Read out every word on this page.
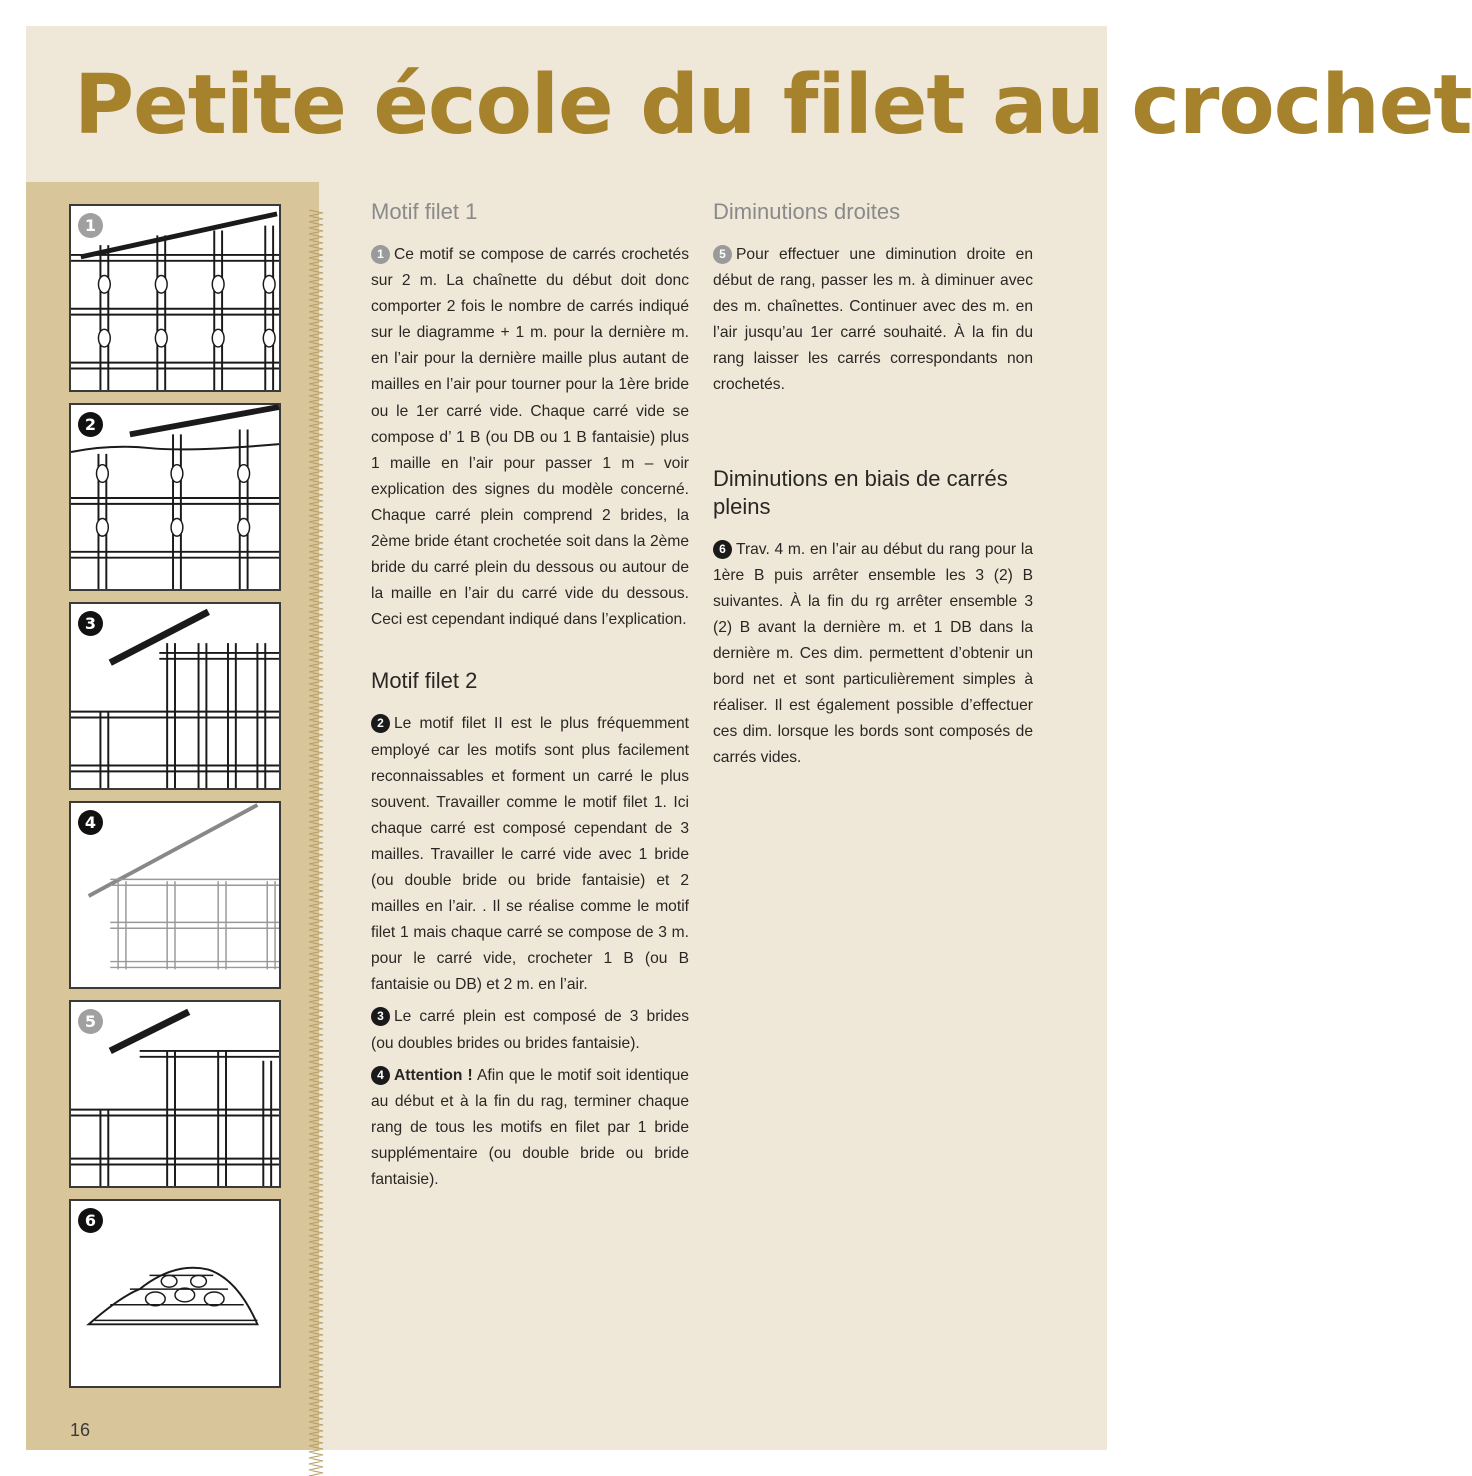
Petite école du filet au crochet
1
2
3
4
5
6
16
Motif filet 1

1 Ce motif se compose de carrés crochetés sur 2 m. La chaînette du début doit donc comporter 2 fois le nombre de carrés indiqué sur le diagramme + 1 m. pour la dernière m. en l’air pour la dernière maille plus autant de mailles en l’air pour tourner pour la 1ère bride ou le 1er carré vide. Chaque carré vide se compose d’ 1 B (ou DB ou 1 B fantaisie) plus 1 maille en l’air pour passer 1 m – voir explication des signes du modèle concerné. Chaque carré plein comprend 2 brides, la 2ème bride étant crochetée soit dans la 2ème bride du carré plein du dessous ou autour de la maille en l’air du carré vide du dessous. Ceci est cependant indiqué dans l’explication.

Motif filet 2

2 Le motif filet II est le plus fréquemment employé car les motifs sont plus facilement reconnaissables et forment un carré le plus souvent. Travailler comme le motif filet 1. Ici chaque carré est composé cependant de 3 mailles. Travailler le carré vide avec 1 bride (ou double bride ou bride fantaisie) et 2 mailles en l’air. . Il se réalise comme le motif filet 1 mais chaque carré se compose de 3 m. pour le carré vide, crocheter 1 B (ou B fantaisie ou DB) et 2 m. en l’air.

3 Le carré plein est composé de 3 brides (ou doubles brides ou brides fantaisie).

4 Attention ! Afin que le motif soit identique au début et à la fin du rag, terminer chaque rang de tous les motifs en filet par 1 bride supplémentaire (ou double bride ou bride fantaisie).

Diminutions droites

5 Pour effectuer une diminution droite en début de rang, passer les m. à diminuer avec des m. chaînettes. Continuer avec des m. en l’air jusqu’au 1er carré souhaité. À la fin du rang laisser les carrés correspondants non crochetés.

Diminutions en biais de carrés pleins

6 Trav. 4 m. en l’air au début du rang pour la 1ère B puis arrêter ensemble les 3 (2) B suivantes. À la fin du rg arrêter ensemble 3 (2) B avant la dernière m. et 1 DB dans la dernière m. Ces dim. permettent d’obtenir un bord net et sont particulièrement simples à réaliser. Il est également possible d’effectuer ces dim. lorsque les bords sont composés de carrés vides.
